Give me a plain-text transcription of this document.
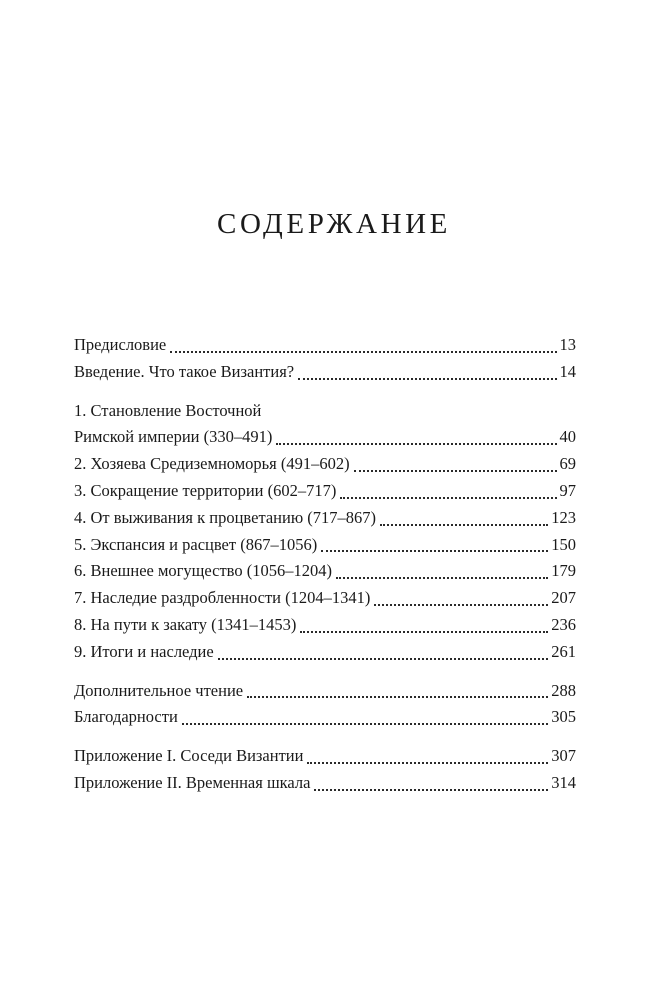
СОДЕРЖАНИЕ
Предисловие	13
Введение. Что такое Византия?	14
1. Становление Восточной
Римской империи (330–491)	40
2. Хозяева Средиземноморья (491–602)	69
3. Сокращение территории (602–717)	97
4. От выживания к процветанию (717–867)	123
5. Экспансия и расцвет (867–1056)	150
6. Внешнее могущество (1056–1204)	179
7. Наследие раздробленности (1204–1341)	207
8. На пути к закату (1341–1453)	236
9. Итоги и наследие	261
Дополнительное чтение	288
Благодарности	305
Приложение I. Соседи Византии	307
Приложение II. Временная шкала	314
